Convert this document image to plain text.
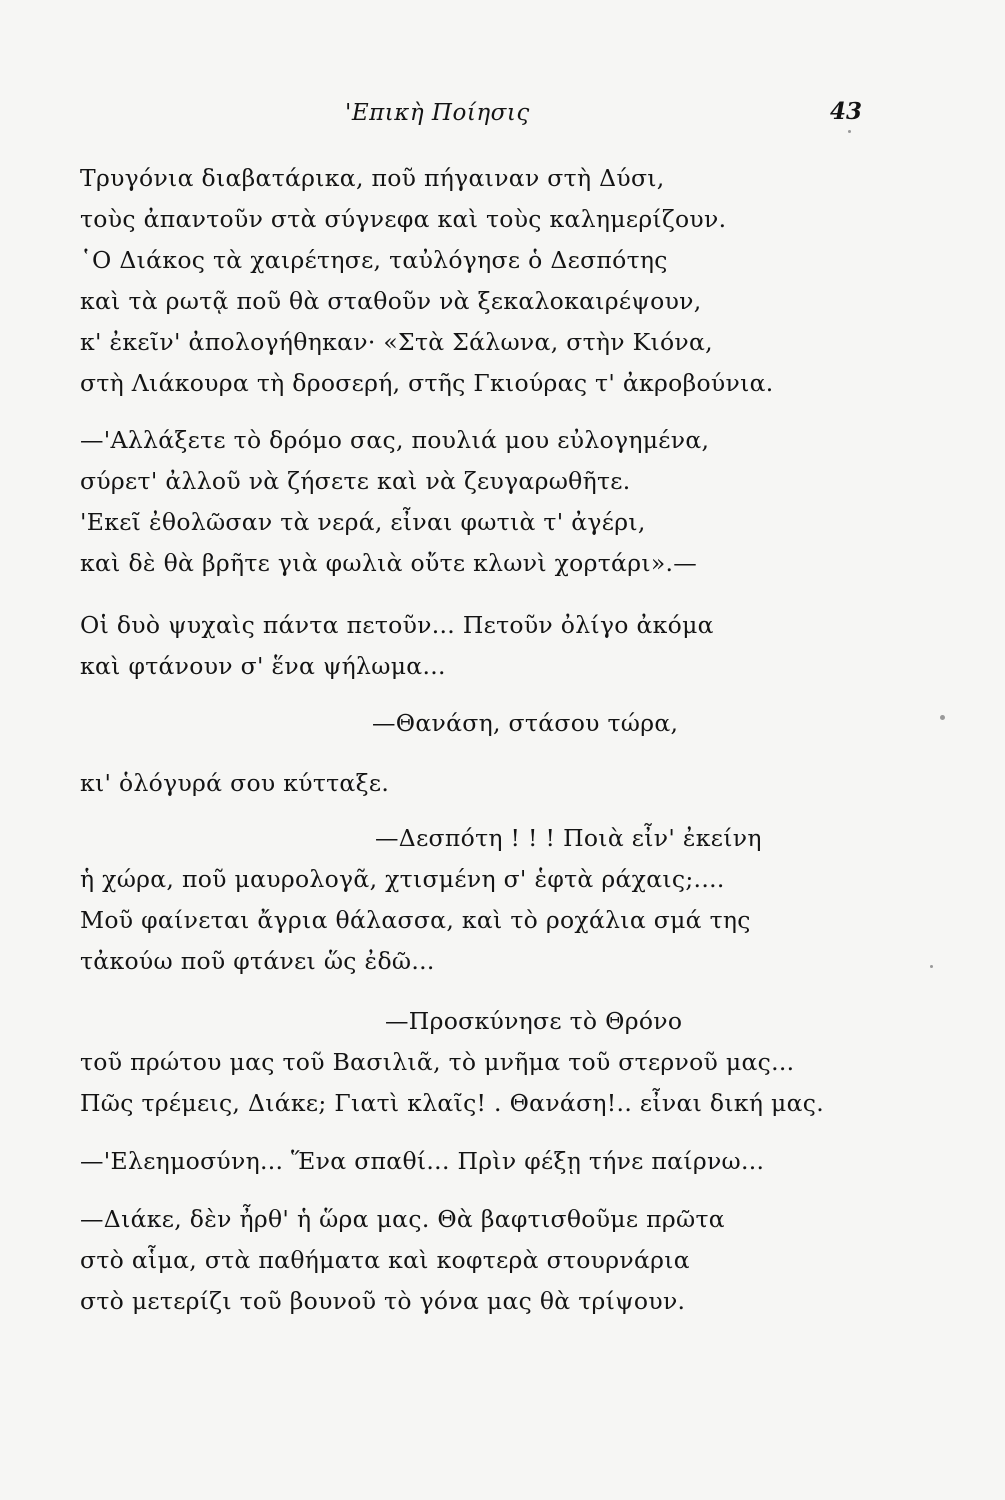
'Επικὴ Ποίησις	43
Τρυγόνια διαβατάρικα, ποῦ πήγαιναν στὴ Δύσι,
τοὺς ἀπαντοῦν στὰ σύγνεφα καὶ τοὺς καλημερίζουν.
῾Ο Διάκος τὰ χαιρέτησε, ταὐλόγησε ὁ Δεσπότης
καὶ τὰ ρωτᾷ ποῦ θὰ σταθοῦν νὰ ξεκαλοκαιρέψουν,
κ' ἐκεῖν' ἀπολογήθηκαν· «Στὰ Σάλωνα, στὴν Κιόνα,
στὴ Λιάκουρα τὴ δροσερή, στῆς Γκιούρας τ' ἀκροβούνια.
—'Αλλάξετε τὸ δρόμο σας, πουλιά μου εὐλογημένα,
σύρετ' ἀλλοῦ νὰ ζήσετε καὶ νὰ ζευγαρωθῆτε.
'Εκεῖ ἐθολῶσαν τὰ νερά, εἶναι φωτιὰ τ' ἀγέρι,
καὶ δὲ θὰ βρῆτε γιὰ φωλιὰ οὔτε κλωνὶ χορτάρι».—
Οἱ δυὸ ψυχαὶς πάντα πετοῦν... Πετοῦν ὀλίγο ἀκόμα
καὶ φτάνουν σ' ἕνα ψήλωμα...
—Θανάση, στάσου τώρα,
κι' ὁλόγυρά σου κύτταξε.
—Δεσπότη ! ! ! Ποιὰ εἶν' ἐκείνη
ἡ χώρα, ποῦ μαυρολογᾶ, χτισμένη σ' ἑφτὰ ράχαις;....
Μοῦ φαίνεται ἄγρια θάλασσα, καὶ τὸ ροχάλια σμά της
τἀκούω ποῦ φτάνει ὥς ἐδῶ...
—Προσκύνησε τὸ Θρόνο
τοῦ πρώτου μας τοῦ Βασιλιᾶ, τὸ μνῆμα τοῦ στερνοῦ μας...
Πῶς τρέμεις, Διάκε; Γιατὶ κλαῖς! . Θανάση!.. εἶναι δική μας.
—'Ελεημοσύνη... Ἕνα σπαθί... Πρὶν φέξῃ τήνε παίρνω...
—Διάκε, δὲν ἦρθ' ἡ ὥρα μας. Θὰ βαφτισθοῦμε πρῶτα
στὸ αἷμα, στὰ παθήματα καὶ κοφτερὰ στουρνάρια
στὸ μετερίζι τοῦ βουνοῦ τὸ γόνα μας θὰ τρίψουν.
